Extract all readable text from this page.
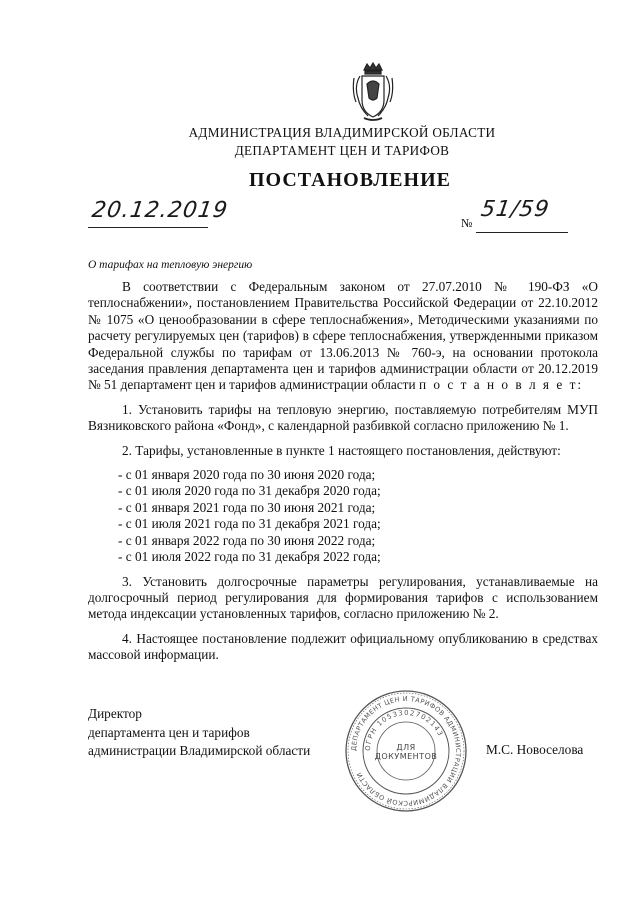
АДМИНИСТРАЦИЯ ВЛАДИМИРСКОЙ ОБЛАСТИ
ДЕПАРТАМЕНТ ЦЕН И ТАРИФОВ
ПОСТАНОВЛЕНИЕ
20.12.2019	№
51/59
О тарифах на тепловую энергию

В соответствии с Федеральным законом от 27.07.2010 № 190-ФЗ «О теплоснабжении», постановлением Правительства Российской Федерации от 22.10.2012 № 1075 «О ценообразовании в сфере теплоснабжения», Методическими указаниями по расчету регулируемых цен (тарифов) в сфере теплоснабжения, утвержденными приказом Федеральной службы по тарифам от 13.06.2013 № 760-э, на основании протокола заседания правления департамента цен и тарифов администрации области от 20.12.2019 № 51 департамент цен и тарифов администрации области п о с т а н о в л я е т:

1. Установить тарифы на тепловую энергию, поставляемую потребителям МУП Вязниковского района «Фонд», с календарной разбивкой согласно приложению № 1.

2. Тарифы, установленные в пункте 1 настоящего постановления, действуют:

- с 01 января 2020 года по 30 июня 2020 года;

- с 01 июля 2020 года по 31 декабря 2020 года;

- с 01 января 2021 года по 30 июня 2021 года;

- с 01 июля 2021 года по 31 декабря 2021 года;

- с 01 января 2022 года по 30 июня 2022 года;

- с 01 июля 2022 года по 31 декабря 2022 года;

3. Установить долгосрочные параметры регулирования, устанавливаемые на долгосрочный период регулирования для формирования тарифов с использованием метода индексации установленных тарифов, согласно приложению № 2.

4. Настоящее постановление подлежит официальному опубликованию в средствах массовой информации.

Директор
департамента цен и тарифов
администрации Владимирской области	ДЕПАРТАМЕНТ ЦЕН И ТАРИФОВ АДМИНИСТРАЦИИ ВЛАДИМИРСКОЙ ОБЛАСТИ
ОГРН 1053302702143
ДЛЯ
ДОКУМЕНТОВ	М.С. Новоселова
